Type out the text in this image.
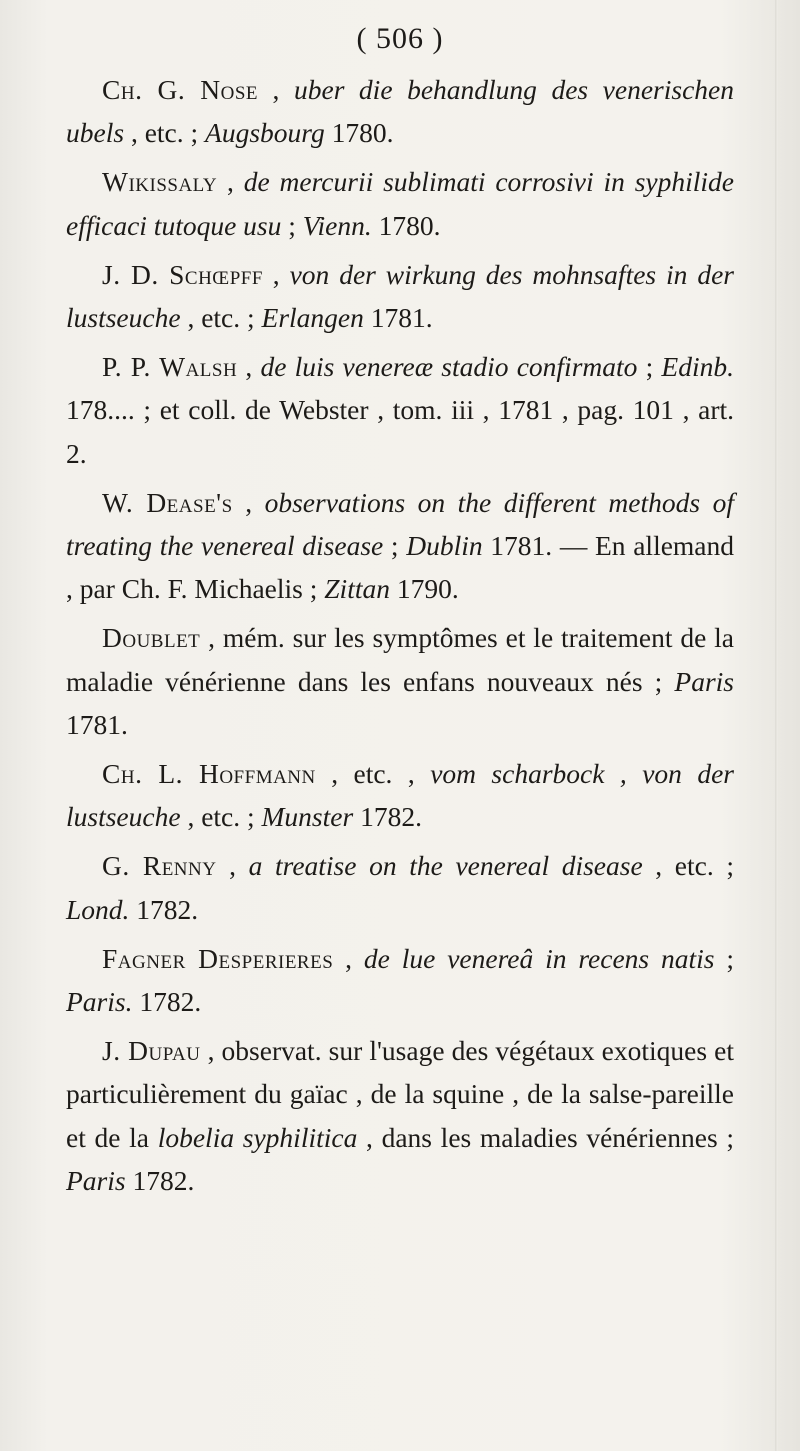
( 506 )

Ch. G. Nose , uber die behandlung des venerischen ubels , etc. ; Augsbourg 1780.

Wikissaly , de mercurii sublimati corrosivi in syphilide efficaci tutoque usu ; Vienn. 1780.

J. D. Schœpff , von der wirkung des mohnsaftes in der lustseuche , etc. ; Erlangen 1781.

P. P. Walsh , de luis venereæ stadio confirmato ; Edinb. 178.... ; et coll. de Webster , tom. iii , 1781 , pag. 101 , art. 2.

W. Dease's , observations on the different methods of treating the venereal disease ; Dublin 1781. — En allemand , par Ch. F. Michaelis ; Zittan 1790.

Doublet , mém. sur les symptômes et le traitement de la maladie vénérienne dans les enfans nouveaux nés ; Paris 1781.

Ch. L. Hoffmann , etc. , vom scharbock , von der lustseuche , etc. ; Munster 1782.

G. Renny , a treatise on the venereal disease , etc. ; Lond. 1782.

Fagner Desperieres , de lue venereâ in recens natis ; Paris. 1782.

J. Dupau , observat. sur l'usage des végétaux exotiques et particulièrement du gaïac , de la squine , de la salse-pareille et de la lobelia syphilitica , dans les maladies vénériennes ; Paris 1782.
